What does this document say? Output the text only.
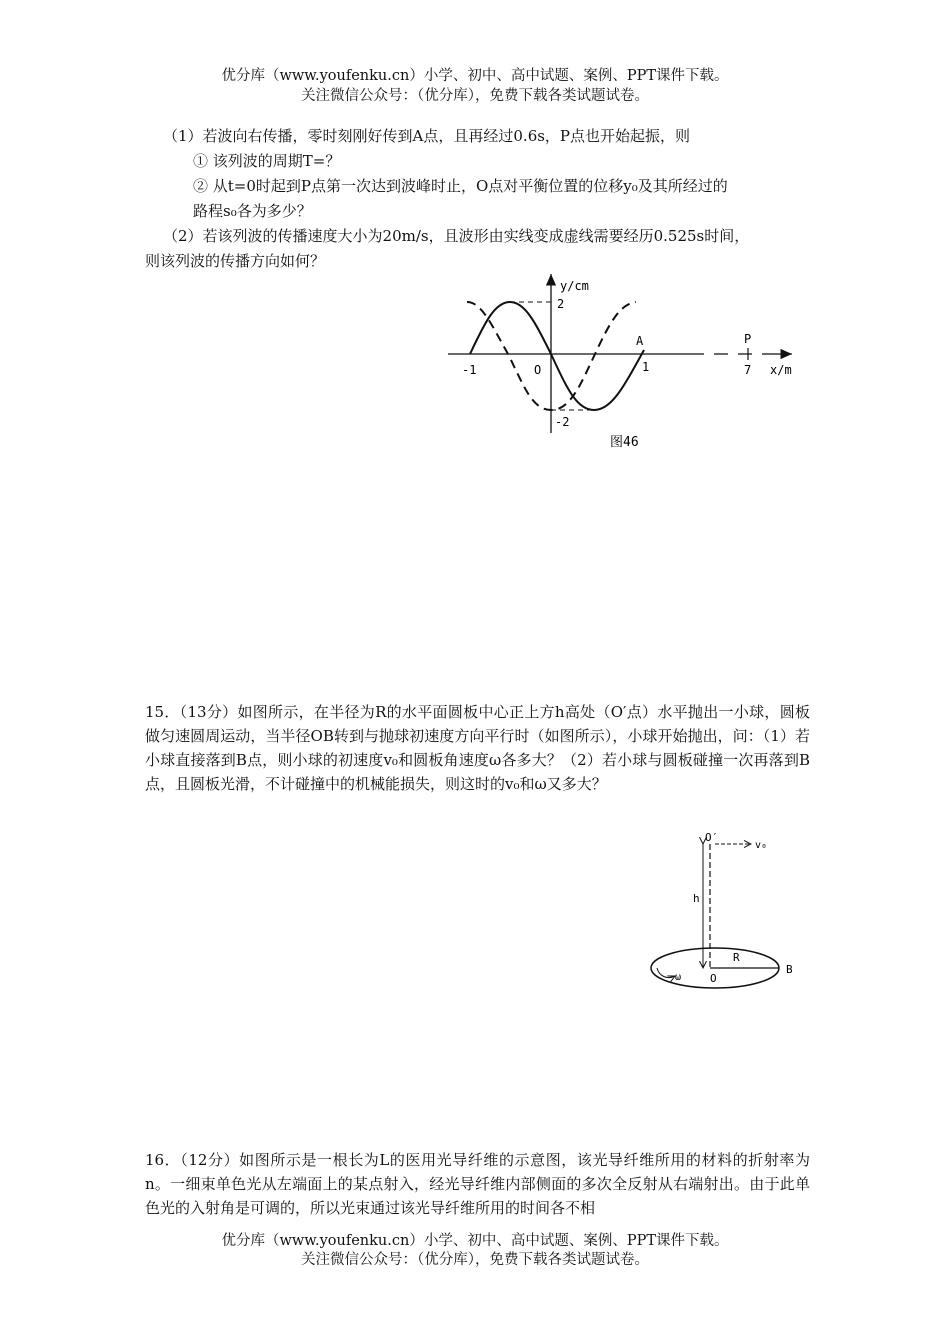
优分库（www.youfenku.cn）小学、初中、高中试题、案例、PPT课件下载。
关注微信公众号：（优分库），免费下载各类试题试卷。
（1）若波向右传播，零时刻刚好传到A点，且再经过0.6s，P点也开始起振，则
① 该列波的周期T=？
② 从t=0时起到P点第一次达到波峰时止，O点对平衡位置的位移y₀及其所经过的
路程s₀各为多少？
（2）若该列波的传播速度大小为20m/s，且波形由实线变成虚线需要经历0.525s时间，
则该列波的传播方向如何？
y/cm
2
-2
-1	O	1
A	P
7 x/m
图46
15．（13分）如图所示，在半径为R的水平面圆板中心正上方h高处（O′点）水平抛出一小球，圆板做匀速圆周运动，当半径OB转到与抛球初速度方向平行时（如图所示），小球开始抛出，问：（1）若小球直接落到B点，则小球的初速度v₀和圆板角速度ω各多大？（2）若小球与圆板碰撞一次再落到B点，且圆板光滑，不计碰撞中的机械能损失，则这时的v₀和ω又多大？
O′
v₀
h
O
R
B
ω
16．（12分）如图所示是一根长为L的医用光导纤维的示意图，该光导纤维所用的材料的折射率为n。一细束单色光从左端面上的某点射入，经光导纤维内部侧面的多次全反射从右端射出。由于此单色光的入射角是可调的，所以光束通过该光导纤维所用的时间各不相
优分库（www.youfenku.cn）小学、初中、高中试题、案例、PPT课件下载。
关注微信公众号：（优分库），免费下载各类试题试卷。
